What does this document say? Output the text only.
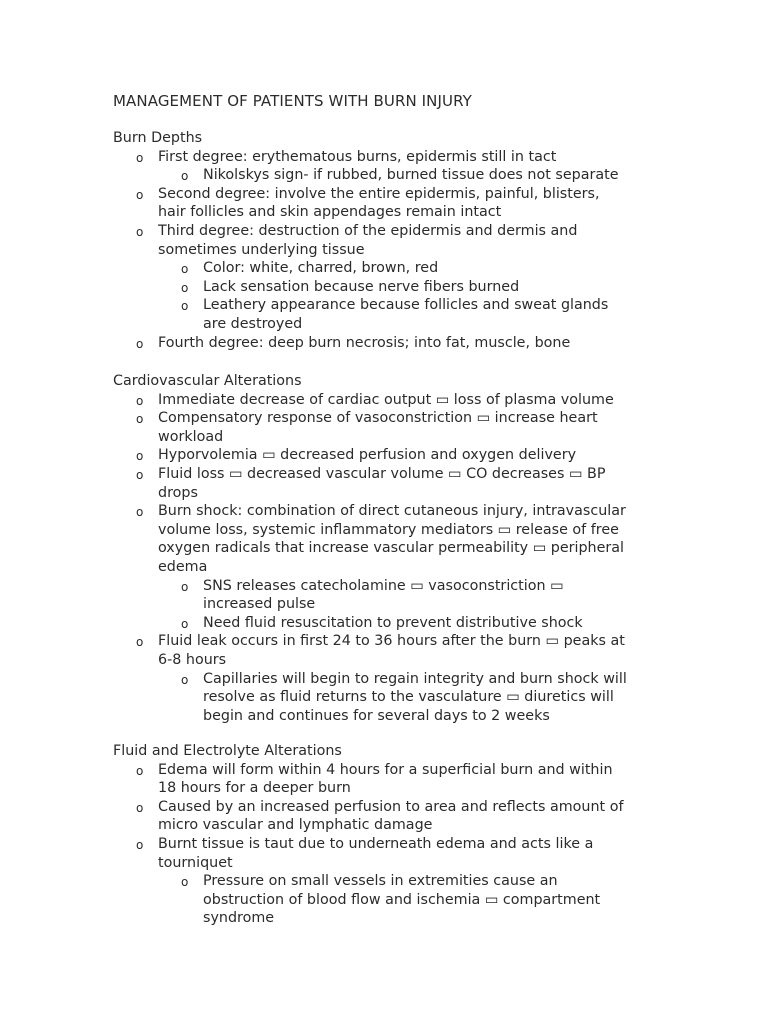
MANAGEMENT OF PATIENTS WITH BURN INJURY
Burn Depths
o First degree: erythematous burns, epidermis still in tact
o Nikolskys sign- if rubbed, burned tissue does not separate
o Second degree: involve the entire epidermis, painful, blisters,
hair follicles and skin appendages remain intact
o Third degree: destruction of the epidermis and dermis and
sometimes underlying tissue
o Color: white, charred, brown, red
o Lack sensation because nerve fibers burned
o Leathery appearance because follicles and sweat glands
are destroyed
o Fourth degree: deep burn necrosis; into fat, muscle, bone
Cardiovascular Alterations
o Immediate decrease of cardiac output ▭ loss of plasma volume
o Compensatory response of vasoconstriction ▭ increase heart
workload
o Hyporvolemia ▭ decreased perfusion and oxygen delivery
o Fluid loss ▭ decreased vascular volume ▭ CO decreases ▭ BP
drops
o Burn shock: combination of direct cutaneous injury, intravascular
volume loss, systemic inflammatory mediators ▭ release of free
oxygen radicals that increase vascular permeability ▭ peripheral
edema
o SNS releases catecholamine ▭ vasoconstriction ▭
increased pulse
o Need fluid resuscitation to prevent distributive shock
o Fluid leak occurs in first 24 to 36 hours after the burn ▭ peaks at
6-8 hours
o Capillaries will begin to regain integrity and burn shock will
resolve as fluid returns to the vasculature ▭ diuretics will
begin and continues for several days to 2 weeks
Fluid and Electrolyte Alterations
o Edema will form within 4 hours for a superficial burn and within
18 hours for a deeper burn
o Caused by an increased perfusion to area and reflects amount of
micro vascular and lymphatic damage
o Burnt tissue is taut due to underneath edema and acts like a
tourniquet
o Pressure on small vessels in extremities cause an
obstruction of blood flow and ischemia ▭ compartment
syndrome
